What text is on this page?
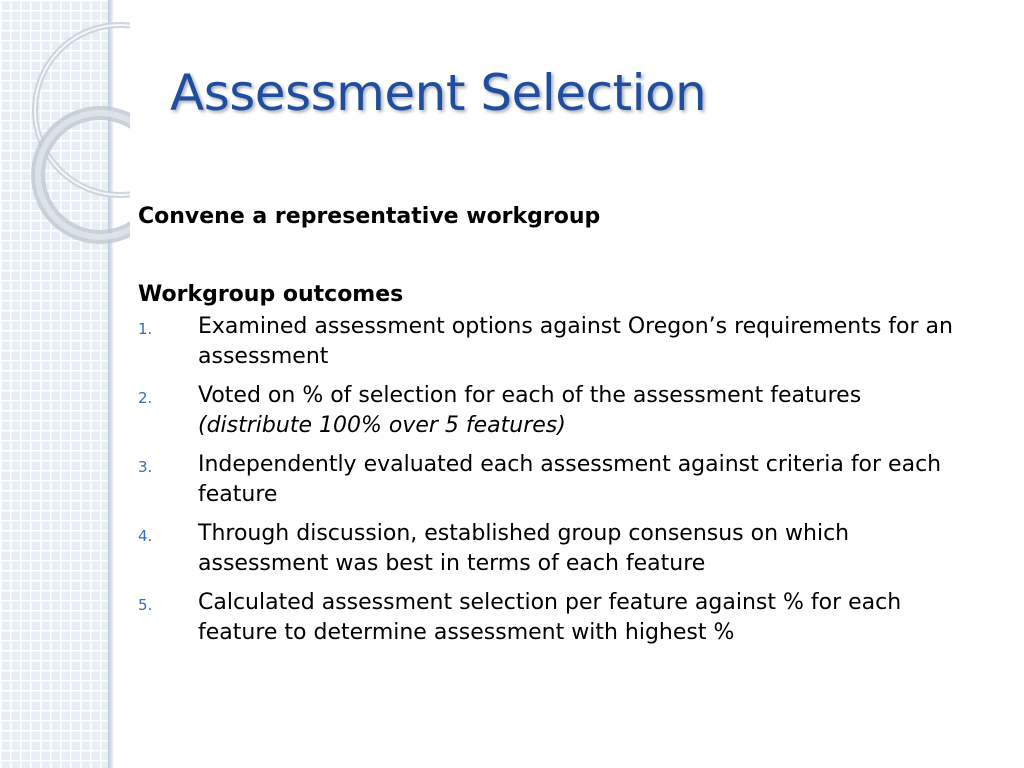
Assessment Selection

Convene a representative workgroup

Workgroup outcomes

1. Examined assessment options against Oregon’s requirements for an assessment
2. Voted on % of selection for each of the assessment features
(distribute 100% over 5 features)
3. Independently evaluated each assessment against criteria for each feature
4. Through discussion, established group consensus on which assessment was best in terms of each feature
5. Calculated assessment selection per feature against % for each feature to determine assessment with highest %
